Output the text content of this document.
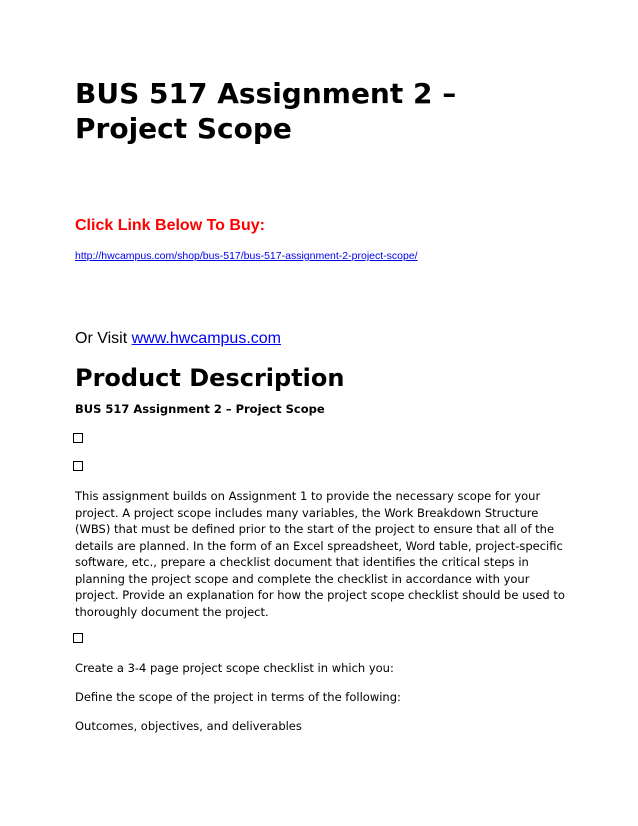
BUS 517 Assignment 2 – Project Scope
Click Link Below To Buy:
http://hwcampus.com/shop/bus-517/bus-517-assignment-2-project-scope/
Or Visit www.hwcampus.com
Product Description
BUS 517 Assignment 2 – Project Scope

This assignment builds on Assignment 1 to provide the necessary scope for your project. A project scope includes many variables, the Work Breakdown Structure (WBS) that must be defined prior to the start of the project to ensure that all of the details are planned. In the form of an Excel spreadsheet, Word table, project-specific software, etc., prepare a checklist document that identifies the critical steps in planning the project scope and complete the checklist in accordance with your project. Provide an explanation for how the project scope checklist should be used to thoroughly document the project.

Create a 3-4 page project scope checklist in which you:

Define the scope of the project in terms of the following:

Outcomes, objectives, and deliverables
